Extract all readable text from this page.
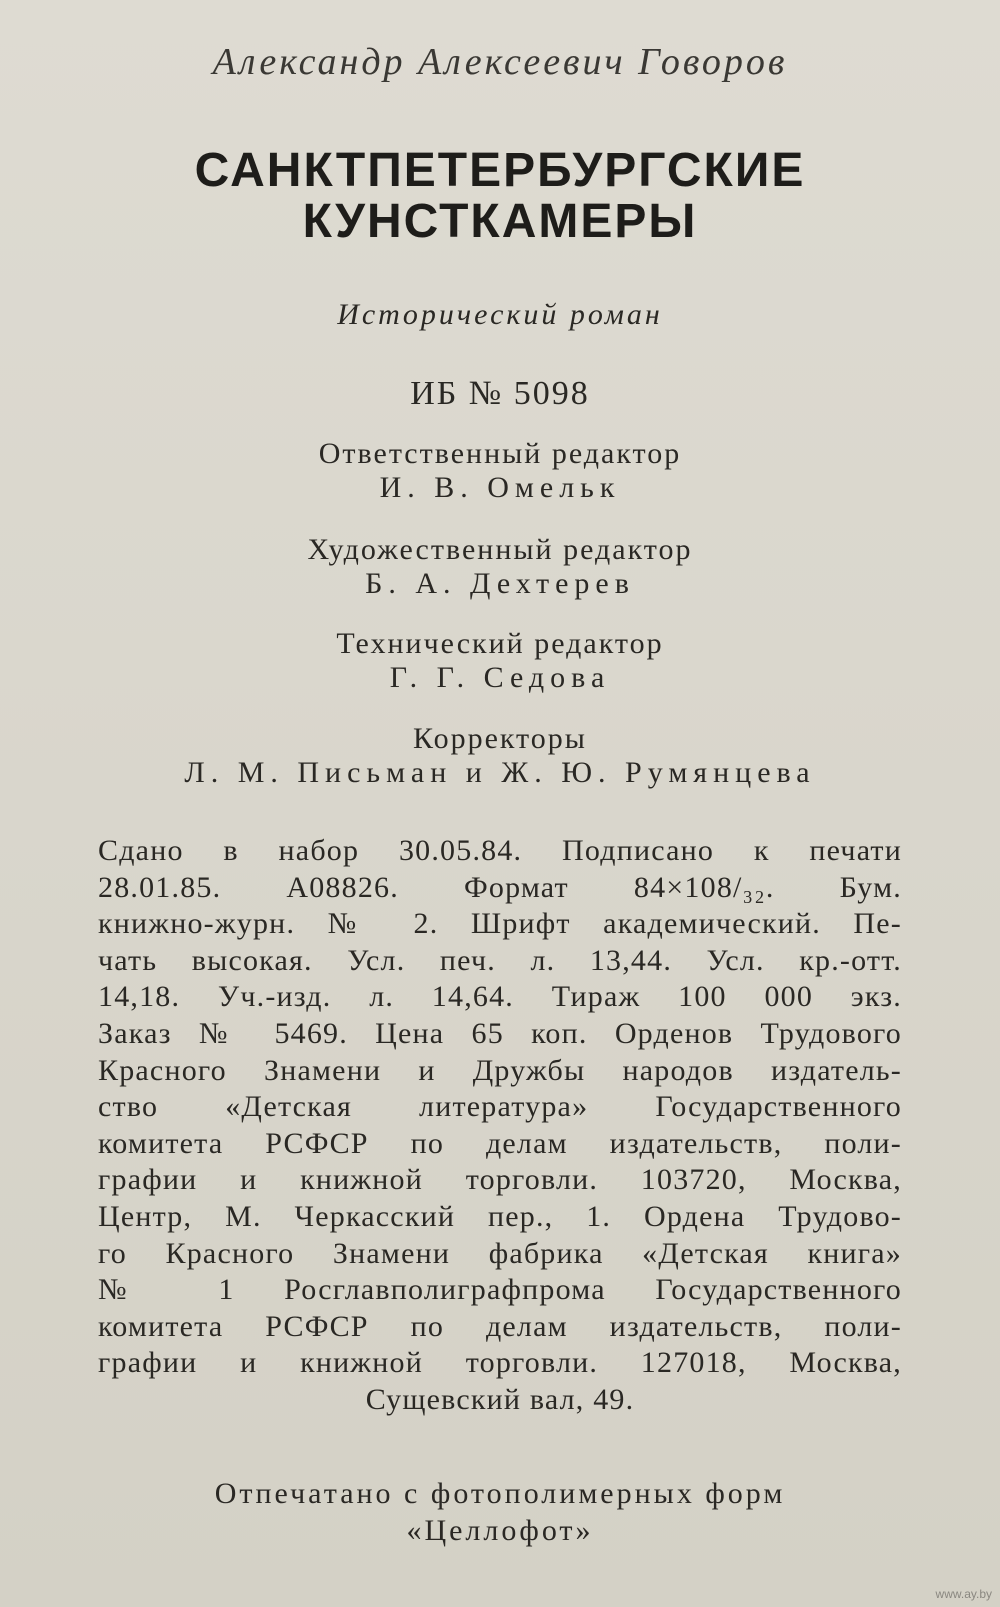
Александр Алексеевич Говоров
САНКТПЕТЕРБУРГСКИЕ
КУНСТКАМЕРЫ
Исторический роман
ИБ № 5098
Ответственный редактор
И. В. Омельк
Художественный редактор
Б. А. Дехтерев
Технический редактор
Г. Г. Седова
Корректоры
Л. М. Письман и Ж. Ю. Румянцева
Сдано в набор 30.05.84. Подписано к печати
28.01.85. А08826. Формат 84×108/₃₂. Бум.
книжно-журн. № 2. Шрифт академический. Пе-
чать высокая. Усл. печ. л. 13,44. Усл. кр.-отт.
14,18. Уч.-изд. л. 14,64. Тираж 100 000 экз.
Заказ № 5469. Цена 65 коп. Орденов Трудового
Красного Знамени и Дружбы народов издатель-
ство «Детская литература» Государственного
комитета РСФСР по делам издательств, поли-
графии и книжной торговли. 103720, Москва,
Центр, М. Черкасский пер., 1. Ордена Трудово-
го Красного Знамени фабрика «Детская книга»
№ 1 Росглавполиграфпрома Государственного
комитета РСФСР по делам издательств, поли-
графии и книжной торговли. 127018, Москва,
Сущевский вал, 49.
Отпечатано с фотополимерных форм
«Целлофот»
www.ay.by
